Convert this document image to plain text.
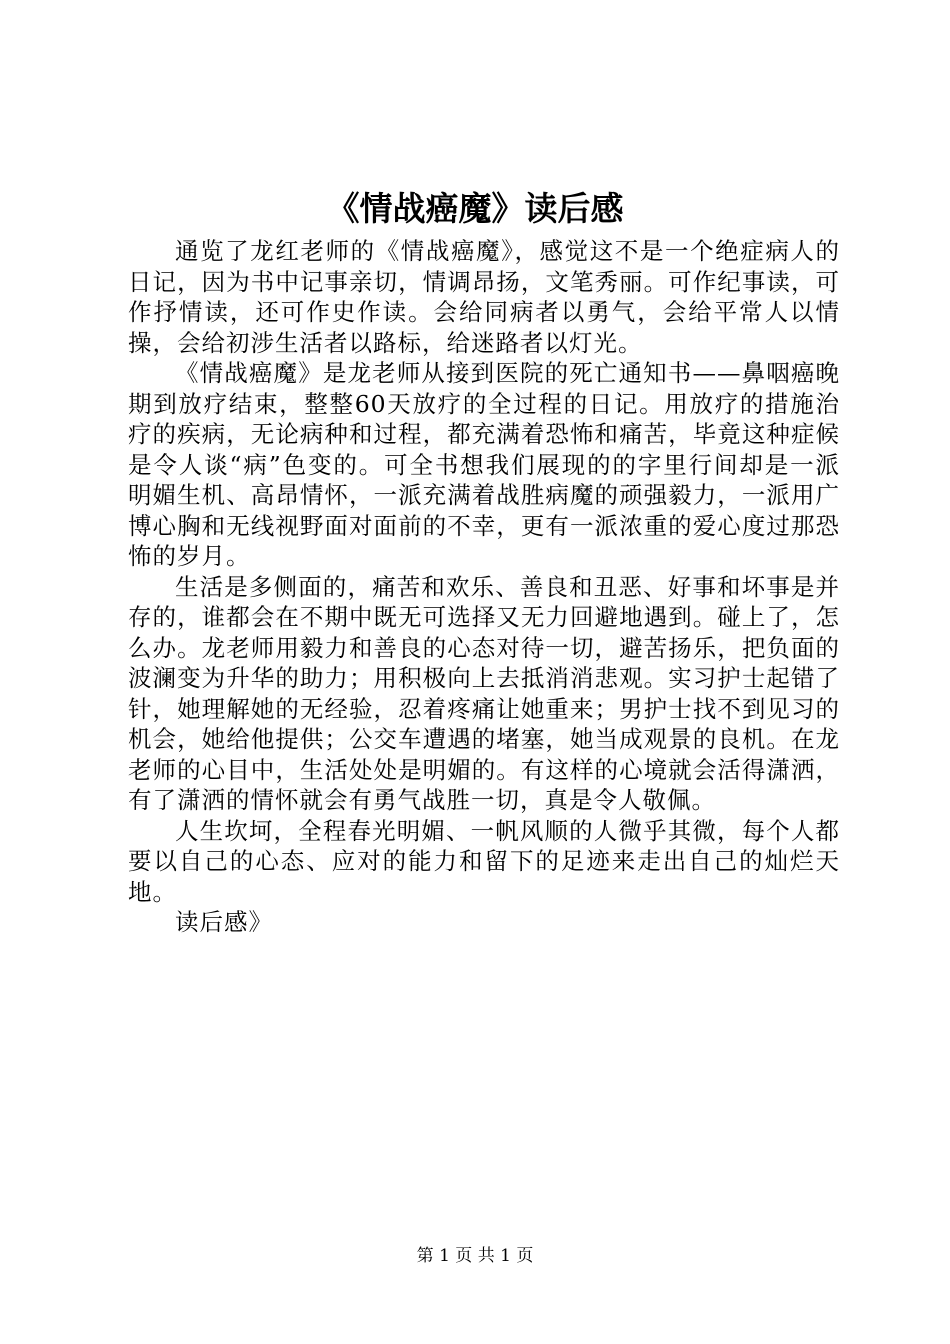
《情战癌魔》读后感

通览了龙红老师的《情战癌魔》，感觉这不是一个绝症病人的日记，因为书中记事亲切，情调昂扬，文笔秀丽。可作纪事读，可作抒情读，还可作史作读。会给同病者以勇气，会给平常人以情操，会给初涉生活者以路标，给迷路者以灯光。

《情战癌魔》是龙老师从接到医院的死亡通知书——鼻咽癌晚期到放疗结束，整整60天放疗的全过程的日记。用放疗的措施治疗的疾病，无论病种和过程，都充满着恐怖和痛苦，毕竟这种症候是令人谈“病”色变的。可全书想我们展现的的字里行间却是一派明媚生机、高昂情怀，一派充满着战胜病魔的顽强毅力，一派用广博心胸和无线视野面对面前的不幸，更有一派浓重的爱心度过那恐怖的岁月。

生活是多侧面的，痛苦和欢乐、善良和丑恶、好事和坏事是并存的，谁都会在不期中既无可选择又无力回避地遇到。碰上了，怎么办。龙老师用毅力和善良的心态对待一切，避苦扬乐，把负面的波澜变为升华的助力；用积极向上去抵消消悲观。实习护士起错了针，她理解她的无经验，忍着疼痛让她重来；男护士找不到见习的机会，她给他提供；公交车遭遇的堵塞，她当成观景的良机。在龙老师的心目中，生活处处是明媚的。有这样的心境就会活得潇洒，有了潇洒的情怀就会有勇气战胜一切，真是令人敬佩。

人生坎坷，全程春光明媚、一帆风顺的人微乎其微，每个人都要以自己的心态、应对的能力和留下的足迹来走出自己的灿烂天地。

读后感》

第 1 页 共 1 页
